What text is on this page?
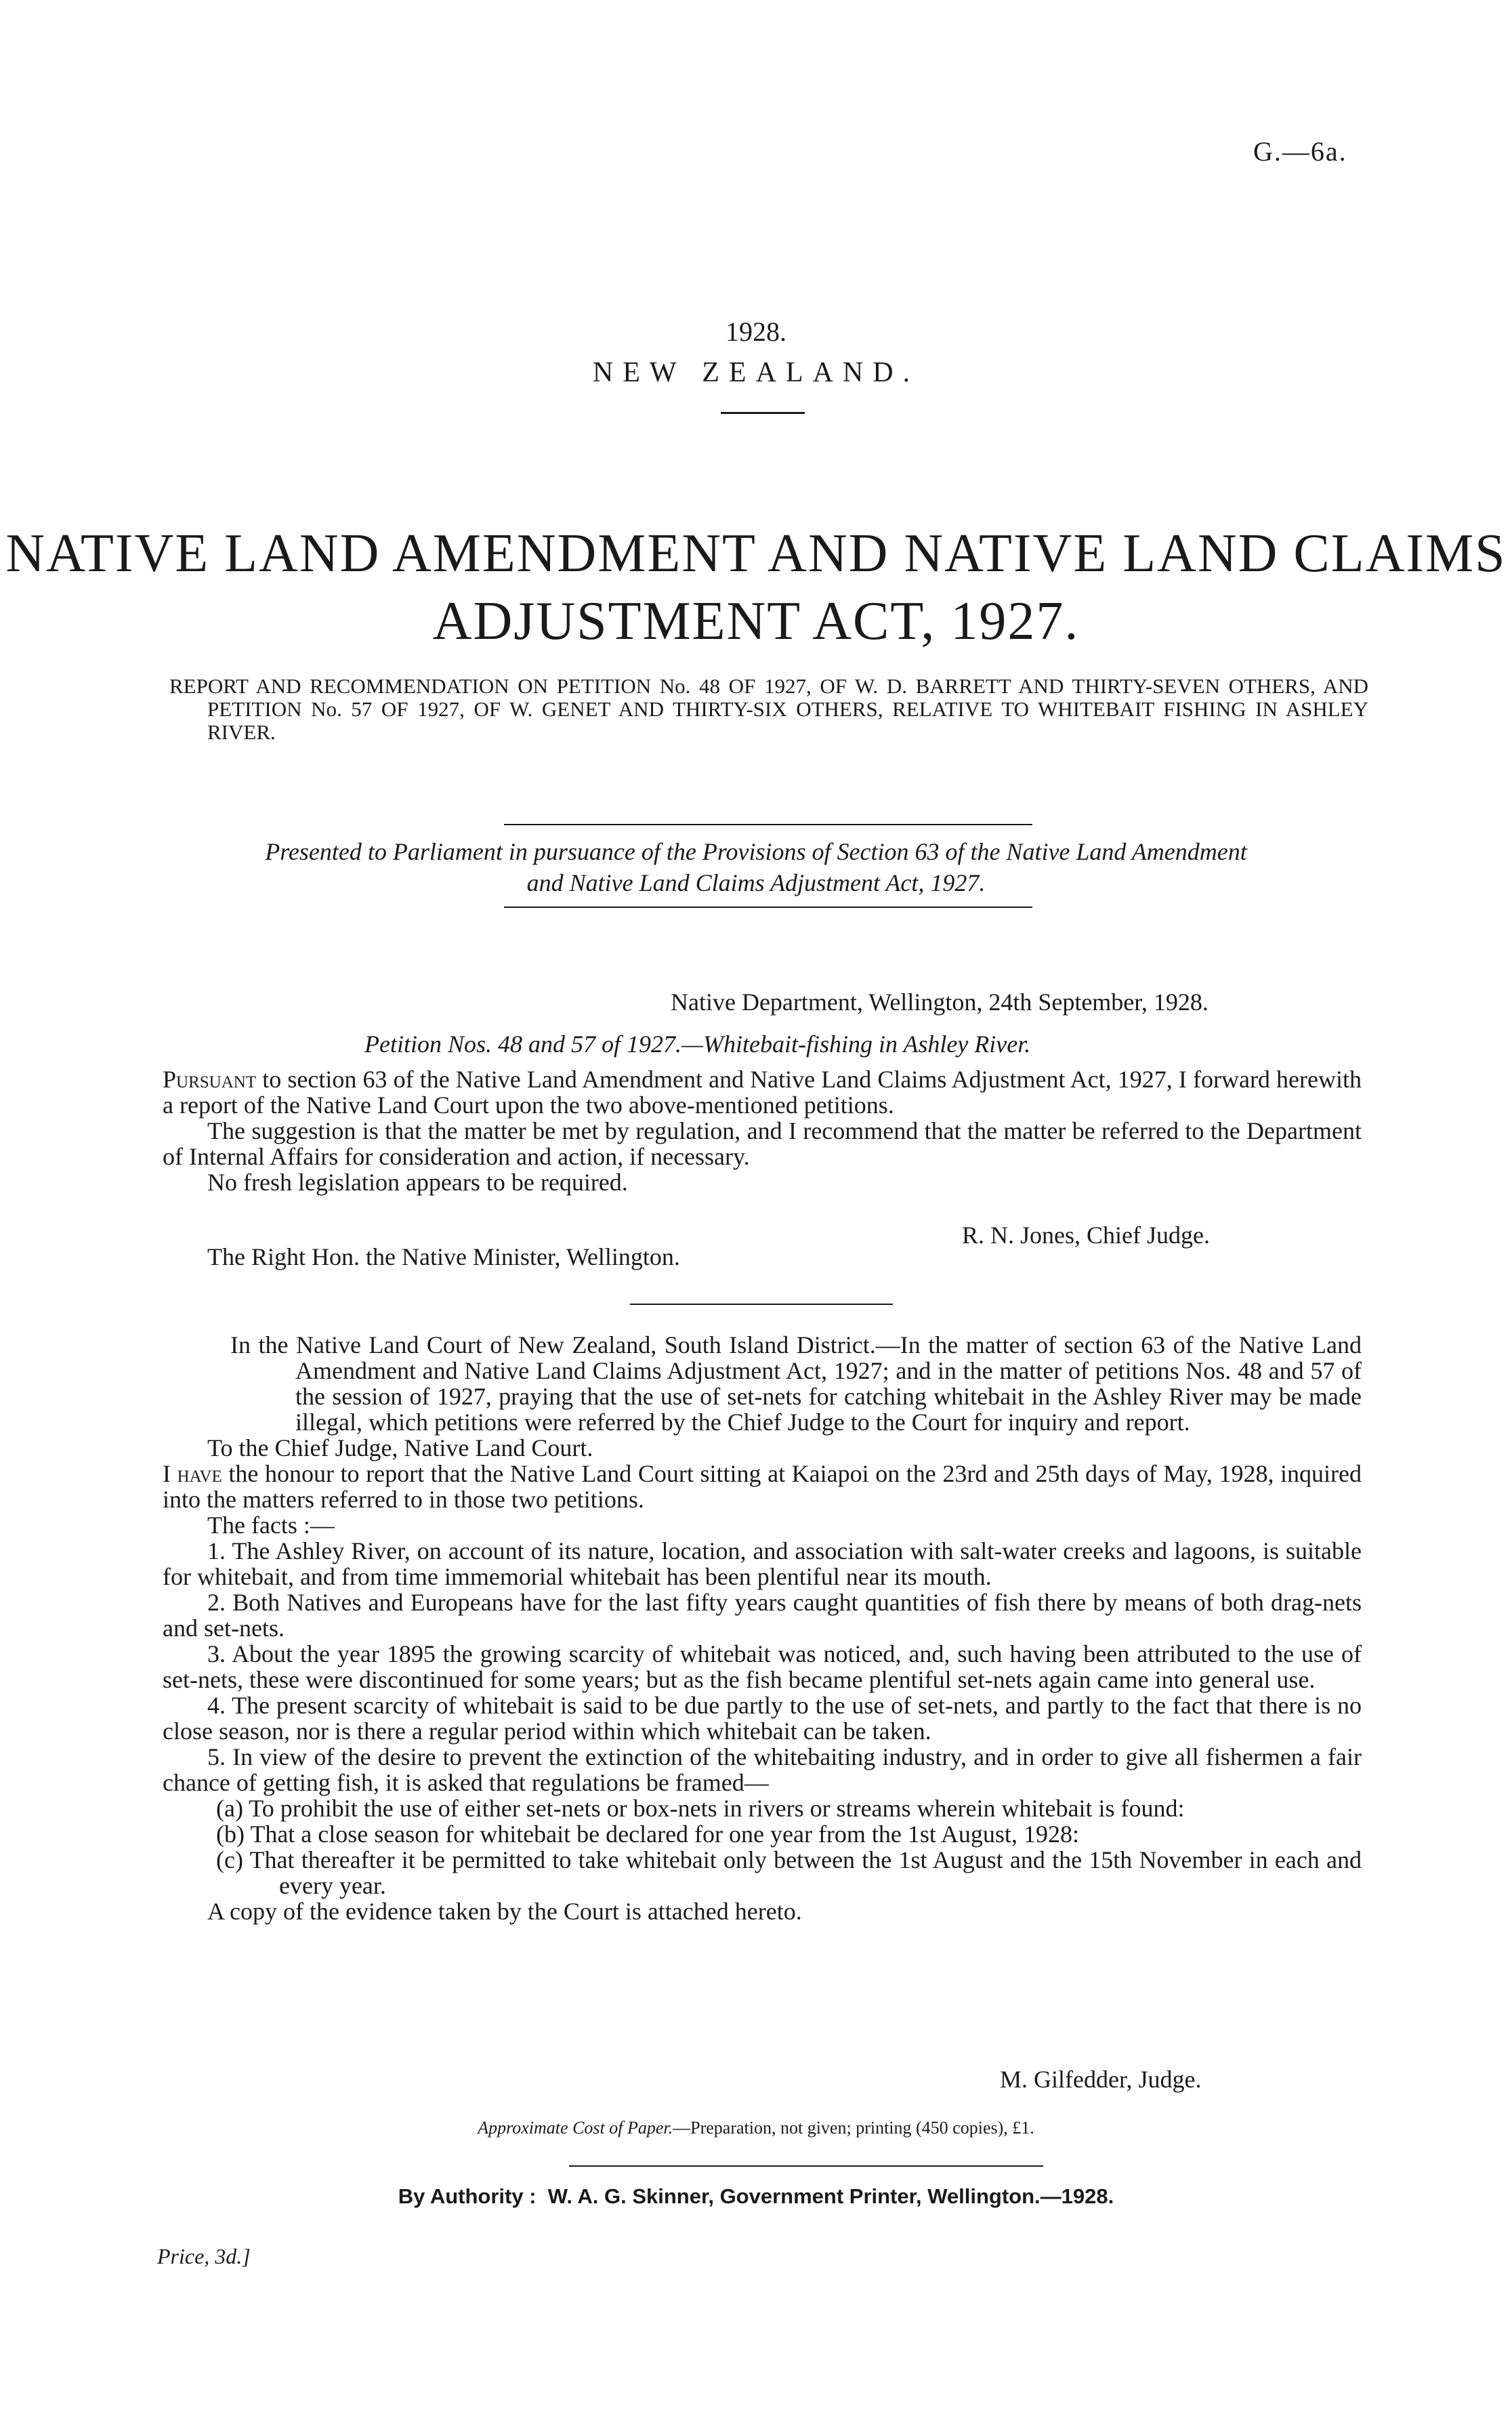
G.—6a.
1928.
NEW ZEALAND.
NATIVE LAND AMENDMENT AND NATIVE LAND CLAIMS
ADJUSTMENT ACT, 1927.
REPORT AND RECOMMENDATION ON PETITION No. 48 OF 1927, OF W. D. BARRETT AND THIRTY-SEVEN OTHERS, AND PETITION No. 57 OF 1927, OF W. GENET AND THIRTY-SIX OTHERS, RELATIVE TO WHITEBAIT FISHING IN ASHLEY RIVER.
Presented to Parliament in pursuance of the Provisions of Section 63 of the Native Land Amendment
and Native Land Claims Adjustment Act, 1927.
Native Department, Wellington, 24th September, 1928.
Petition Nos. 48 and 57 of 1927.—Whitebait-fishing in Ashley River.

Pursuant to section 63 of the Native Land Amendment and Native Land Claims Adjustment Act, 1927, I forward herewith a report of the Native Land Court upon the two above-mentioned petitions.

The suggestion is that the matter be met by regulation, and I recommend that the matter be referred to the Department of Internal Affairs for consideration and action, if necessary.

No fresh legislation appears to be required.

R. N. Jones, Chief Judge.
The Right Hon. the Native Minister, Wellington.

In the Native Land Court of New Zealand, South Island District.—In the matter of section 63 of the Native Land Amendment and Native Land Claims Adjustment Act, 1927; and in the matter of petitions Nos. 48 and 57 of the session of 1927, praying that the use of set-nets for catching whitebait in the Ashley River may be made illegal, which petitions were referred by the Chief Judge to the Court for inquiry and report.

To the Chief Judge, Native Land Court.

I have the honour to report that the Native Land Court sitting at Kaiapoi on the 23rd and 25th days of May, 1928, inquired into the matters referred to in those two petitions.

The facts :—

1. The Ashley River, on account of its nature, location, and association with salt-water creeks and lagoons, is suitable for whitebait, and from time immemorial whitebait has been plentiful near its mouth.

2. Both Natives and Europeans have for the last fifty years caught quantities of fish there by means of both drag-nets and set-nets.

3. About the year 1895 the growing scarcity of whitebait was noticed, and, such having been attributed to the use of set-nets, these were discontinued for some years; but as the fish became plentiful set-nets again came into general use.

4. The present scarcity of whitebait is said to be due partly to the use of set-nets, and partly to the fact that there is no close season, nor is there a regular period within which whitebait can be taken.

5. In view of the desire to prevent the extinction of the whitebaiting industry, and in order to give all fishermen a fair chance of getting fish, it is asked that regulations be framed—

(a) To prohibit the use of either set-nets or box-nets in rivers or streams wherein whitebait is found:

(b) That a close season for whitebait be declared for one year from the 1st August, 1928:

(c) That thereafter it be permitted to take whitebait only between the 1st August and the 15th November in each and every year.

A copy of the evidence taken by the Court is attached hereto.

M. Gilfedder, Judge.
Approximate Cost of Paper.—Preparation, not given; printing (450 copies), £1.
By Authority : W. A. G. Skinner, Government Printer, Wellington.—1928.
Price, 3d.]
